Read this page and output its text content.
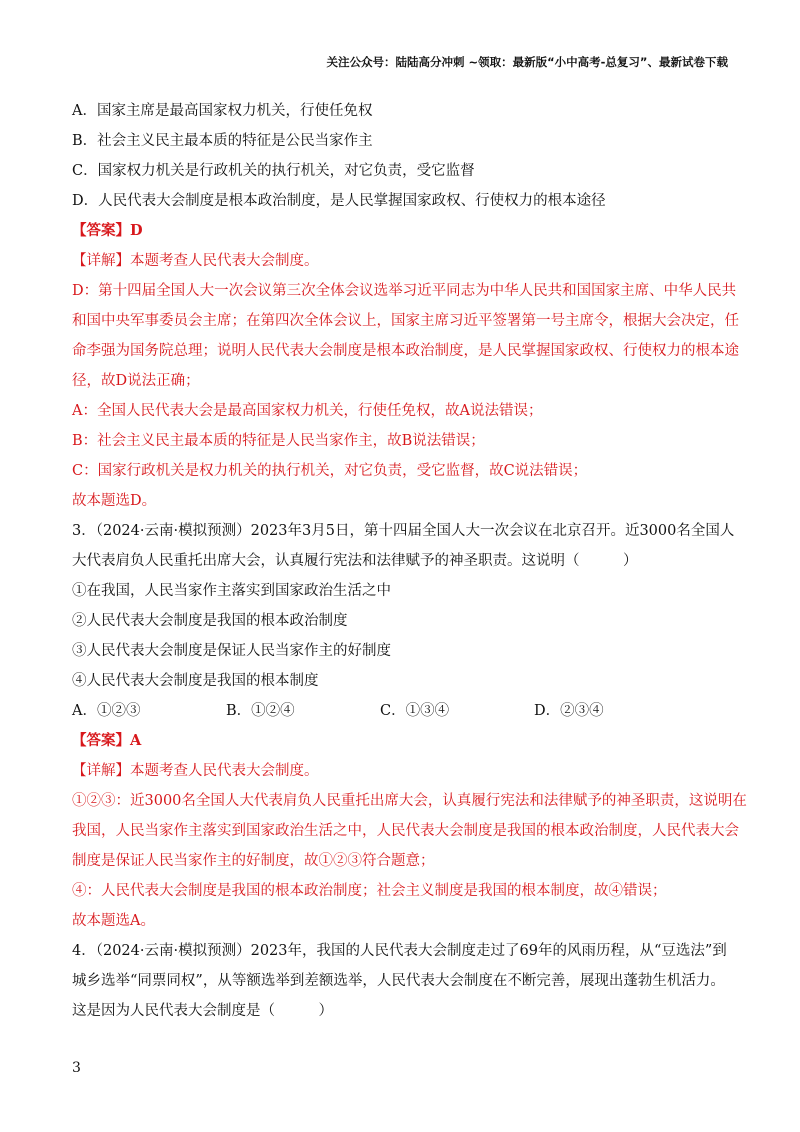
关注公众号：陆陆高分冲刺 ~领取：最新版“小中高考-总复习”、最新试卷下载
A．国家主席是最高国家权力机关，行使任免权
B．社会主义民主最本质的特征是公民当家作主
C．国家权力机关是行政机关的执行机关，对它负责，受它监督
D．人民代表大会制度是根本政治制度，是人民掌握国家政权、行使权力的根本途径
【答案】D
【详解】本题考查人民代表大会制度。
D：第十四届全国人大一次会议第三次全体会议选举习近平同志为中华人民共和国国家主席、中华人民共
和国中央军事委员会主席；在第四次全体会议上，国家主席习近平签署第一号主席令，根据大会决定，任
命李强为国务院总理；说明人民代表大会制度是根本政治制度，是人民掌握国家政权、行使权力的根本途
径，故D说法正确；
A：全国人民代表大会是最高国家权力机关，行使任免权，故A说法错误；
B：社会主义民主最本质的特征是人民当家作主，故B说法错误；
C：国家行政机关是权力机关的执行机关，对它负责，受它监督，故C说法错误；
故本题选D。
3．（2024·云南·模拟预测）2023年3月5日，第十四届全国人大一次会议在北京召开。近3000名全国人
大代表肩负人民重托出席大会，认真履行宪法和法律赋予的神圣职责。这说明（　　　）
①在我国，人民当家作主落实到国家政治生活之中
②人民代表大会制度是我国的根本政治制度
③人民代表大会制度是保证人民当家作主的好制度
④人民代表大会制度是我国的根本制度
A．①②③	B．①②④	C．①③④	D．②③④
【答案】A
【详解】本题考查人民代表大会制度。
①②③：近3000名全国人大代表肩负人民重托出席大会，认真履行宪法和法律赋予的神圣职责，这说明在
我国，人民当家作主落实到国家政治生活之中，人民代表大会制度是我国的根本政治制度，人民代表大会
制度是保证人民当家作主的好制度，故①②③符合题意；
④：人民代表大会制度是我国的根本政治制度；社会主义制度是我国的根本制度，故④错误；
故本题选A。
4．（2024·云南·模拟预测）2023年，我国的人民代表大会制度走过了69年的风雨历程，从“豆选法”到
城乡选举“同票同权”，从等额选举到差额选举，人民代表大会制度在不断完善，展现出蓬勃生机活力。
这是因为人民代表大会制度是（　　　）
3
